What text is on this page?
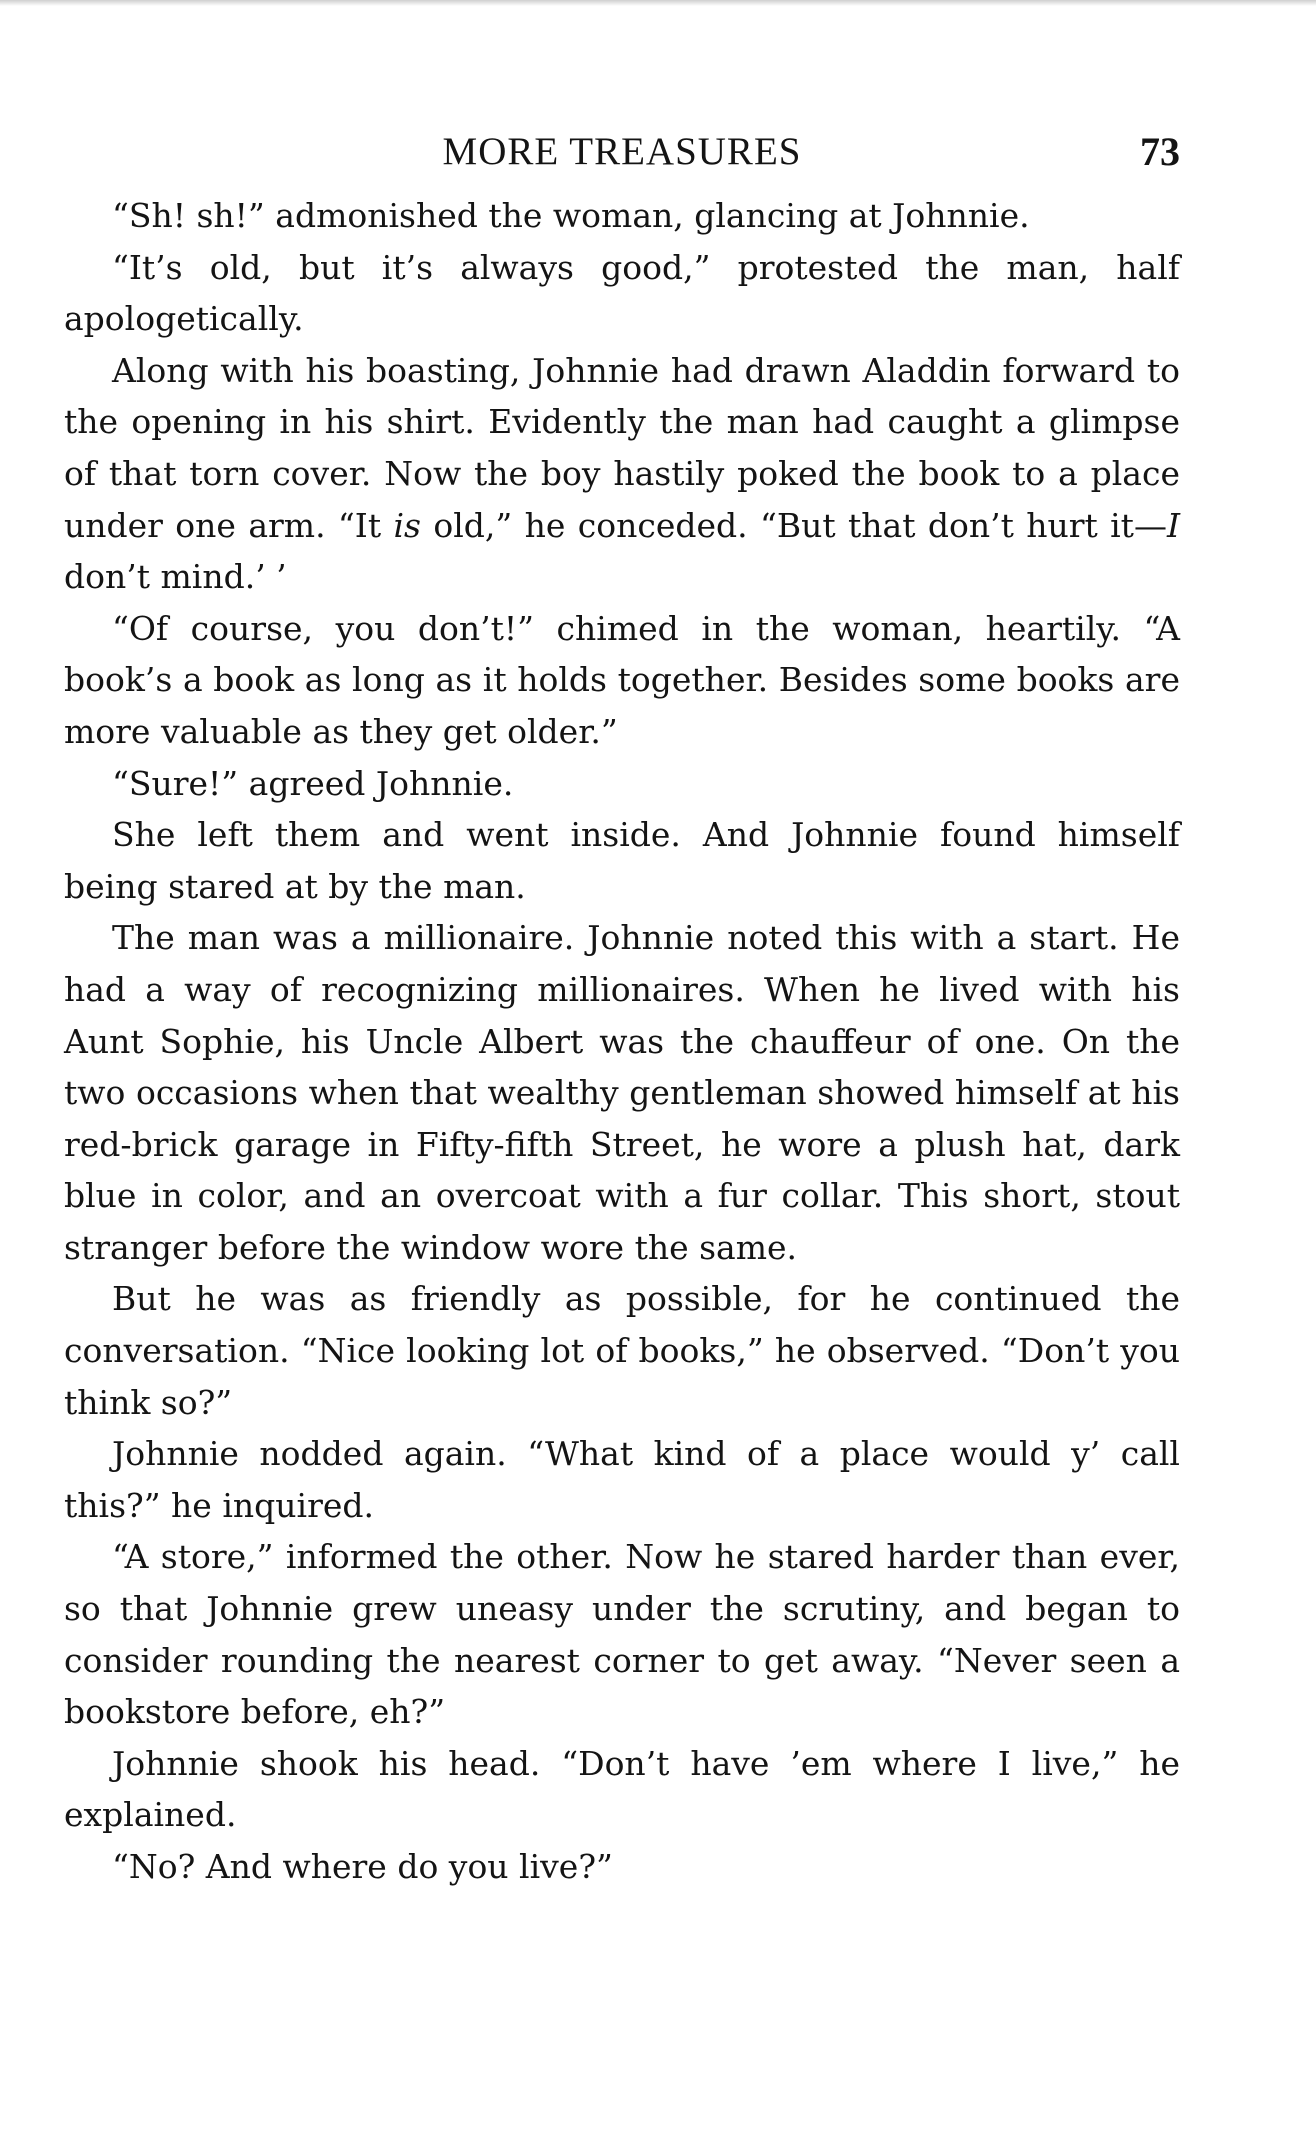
MORE TREASURES	73

“Sh! sh!” admonished the woman, glancing at Johnnie.

“It’s old, but it’s always good,” protested the man, half apologetically.

Along with his boasting, Johnnie had drawn Aladdin forward to the opening in his shirt. Evidently the man had caught a glimpse of that torn cover. Now the boy hastily poked the book to a place under one arm. “It is old,” he conceded. “But that don’t hurt it—I don’t mind.’ ’

“Of course, you don’t!” chimed in the woman, heartily. “A book’s a book as long as it holds together. Besides some books are more valuable as they get older.”

“Sure!” agreed Johnnie.

She left them and went inside. And Johnnie found himself being stared at by the man.

The man was a millionaire. Johnnie noted this with a start. He had a way of recognizing millionaires. When he lived with his Aunt Sophie, his Uncle Albert was the chauffeur of one. On the two occasions when that wealthy gentleman showed himself at his red-brick garage in Fifty-fifth Street, he wore a plush hat, dark blue in color, and an overcoat with a fur collar. This short, stout stranger before the window wore the same.

But he was as friendly as possible, for he continued the conversation. “Nice looking lot of books,” he observed. “Don’t you think so?”

Johnnie nodded again. “What kind of a place would y’ call this?” he inquired.

“A store,” informed the other. Now he stared harder than ever, so that Johnnie grew uneasy under the scrutiny, and began to consider rounding the nearest corner to get away. “Never seen a bookstore before, eh?”

Johnnie shook his head. “Don’t have ’em where I live,” he explained.

“No? And where do you live?”
